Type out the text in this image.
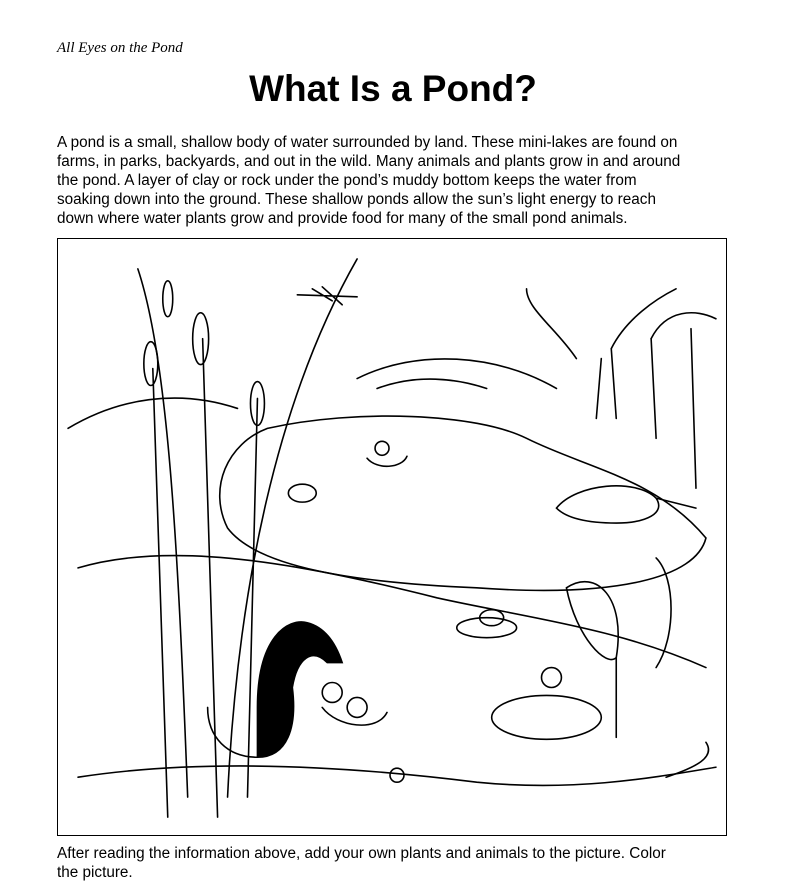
All Eyes on the Pond
What Is a Pond?
A pond is a small, shallow body of water surrounded by land. These mini-lakes are found on
farms, in parks, backyards, and out in the wild. Many animals and plants grow in and around
the pond. A layer of clay or rock under the pond’s muddy bottom keeps the water from
soaking down into the ground. These shallow ponds allow the sun’s light energy to reach
down where water plants grow and provide food for many of the small pond animals.
After reading the information above, add your own plants and animals to the picture. Color
the picture.
